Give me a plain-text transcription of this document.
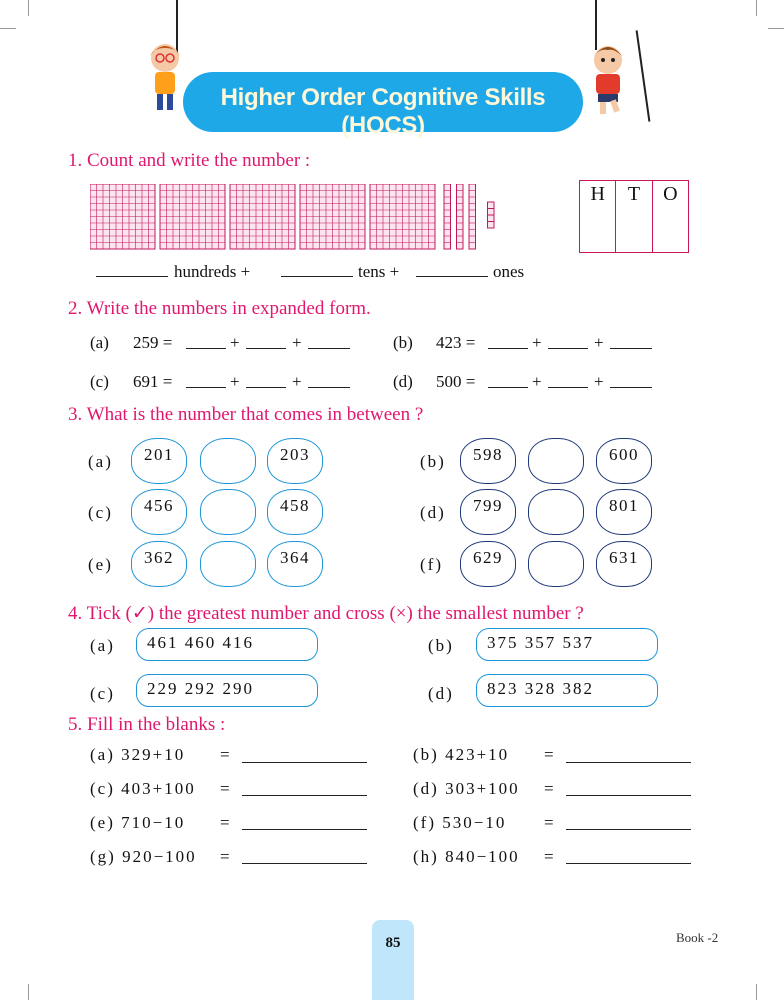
Higher Order Cognitive Skills (HOCS)
1. Count and write the number :
H	T	O
hundreds +	tens +	ones
2. Write the numbers in expanded form.
(a) 259 =	+	+	(b) 423 =	+	+
(c) 691 =	+	+	(d) 500 =	+	+
3. What is the number that comes in between ?
(a)	201	203	(b)	598	600
(c)	456	458	(d)	799	801
(e)	362	364	(f)	629	631
4. Tick (✓) the greatest number and cross (×) the smallest number ?
(a)	461 460 416	(b)	375 357 537
(c)	229 292 290	(d)	823 328 382
5. Fill in the blanks :
(a) 329+10 =	(b) 423+10 =
(c) 403+100 =	(d) 303+100 =
(e) 710−10 =	(f) 530−10 =
(g) 920−100 =	(h) 840−100 =
85	Book -2
